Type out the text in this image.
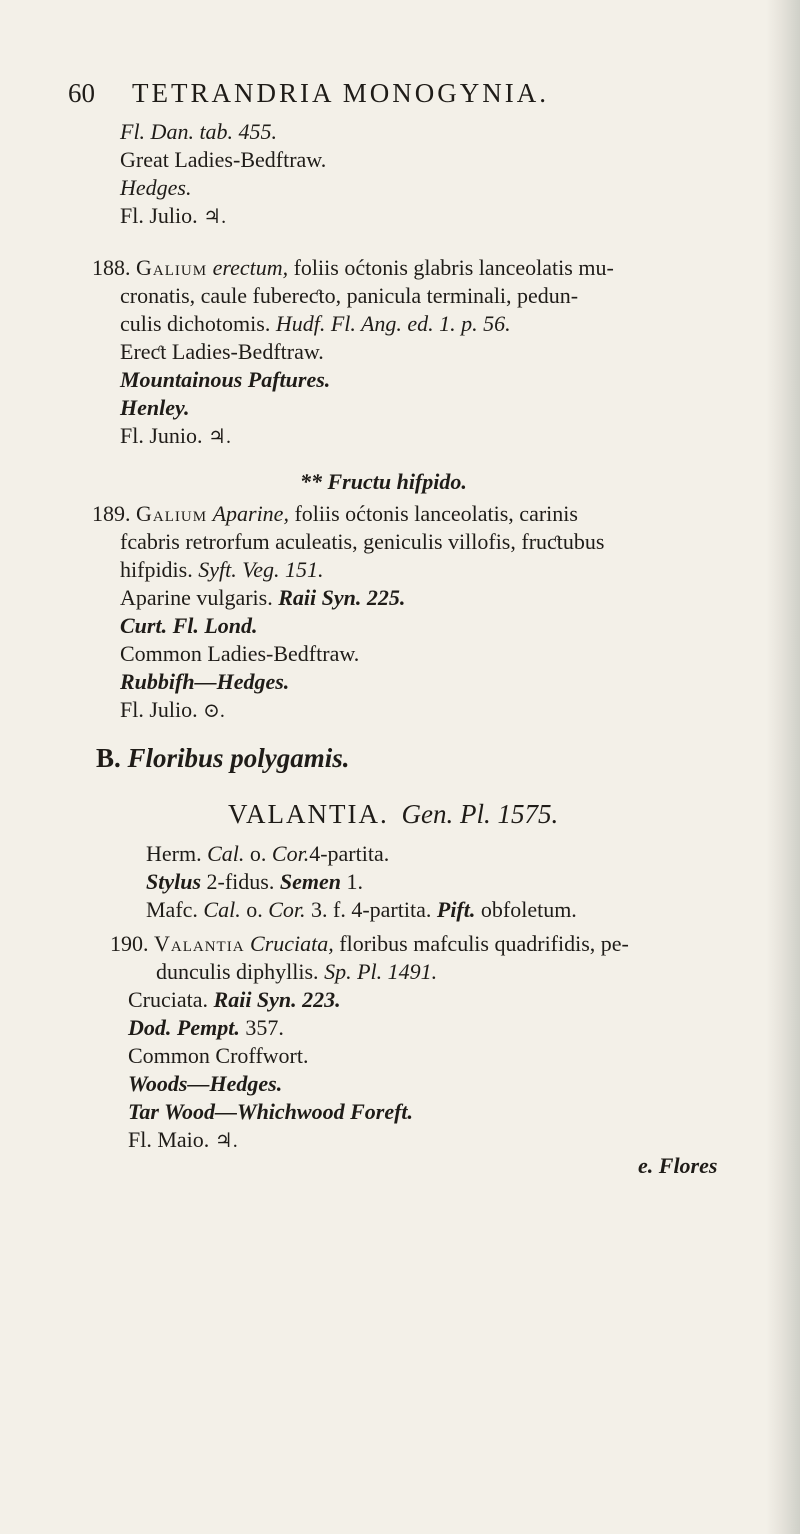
60 TETRANDRIA MONOGYNIA.
Fl. Dan. tab. 455.
Great Ladies-Bedftraw.
Hedges.
Fl. Julio. ♃.
188. Galium erectum, foliis oćtonis glabris lanceolatis mu-
cronatis, caule fubereƈto, panicula terminali, pedun-
culis dichotomis. Hudf. Fl. Ang. ed. 1. p. 56.
Ereƈt Ladies-Bedftraw.
Mountainous Paftures.
Henley.
Fl. Junio. ♃.
** Fructu hifpido.
189. Galium Aparine, foliis oćtonis lanceolatis, carinis
fcabris retrorfum aculeatis, geniculis villofis, fruƈtubus
hifpidis. Syft. Veg. 151.
Aparine vulgaris. Raii Syn. 225.
Curt. Fl. Lond.
Common Ladies-Bedftraw.
Rubbifh—Hedges.
Fl. Julio. ⊙.
B. Floribus polygamis.
VALANTIA. Gen. Pl. 1575.
Herm. Cal. o. Cor.4-partita.
Stylus 2-fidus. Semen 1.
Mafc. Cal. o. Cor. 3. f. 4-partita. Pift. obfoletum.
190. Valantia Cruciata, floribus mafculis quadrifidis, pe-
dunculis diphyllis. Sp. Pl. 1491.
Cruciata. Raii Syn. 223.
Dod. Pempt. 357.
Common Croffwort.
Woods—Hedges.
Tar Wood—Whichwood Foreft.
Fl. Maio. ♃.
e. Flores
